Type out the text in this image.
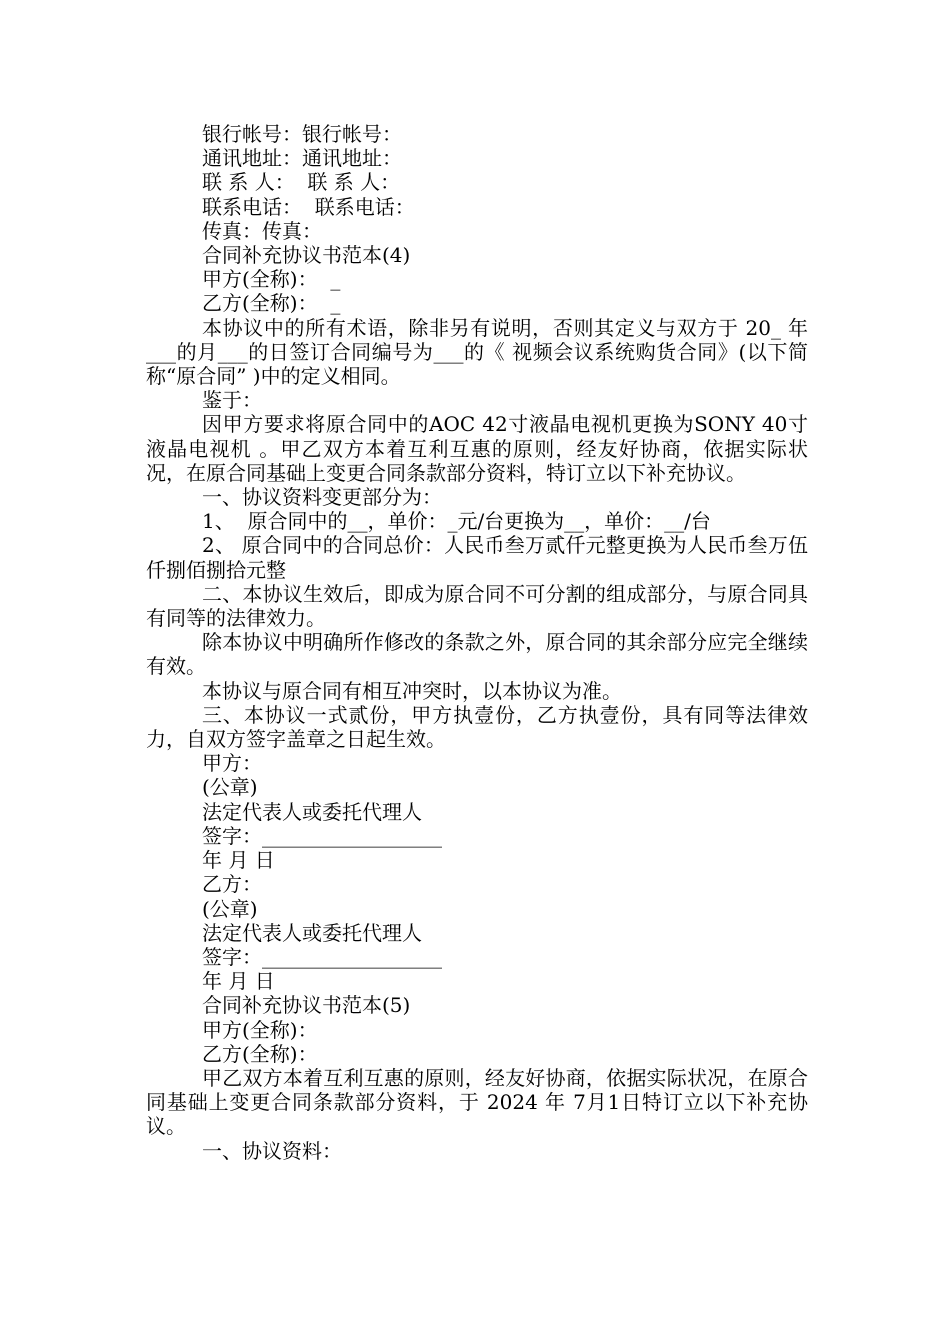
银行帐号：银行帐号：
通讯地址：通讯地址：
联 系 人：  联 系 人：
联系电话：  联系电话：
传真：传真：
合同补充协议书范本(4)
甲方(全称)：  _
乙方(全称)：  _
本协议中的所有术语，除非另有说明，否则其定义与双方于 20_ 年___的月___的日签订合同编号为___的《 视频会议系统购货合同》(以下简称“原合同” )中的定义相同。
鉴于：
因甲方要求将原合同中的AOC 42寸液晶电视机更换为SONY 40寸液晶电视机 。甲乙双方本着互利互惠的原则，经友好协商，依据实际状况，在原合同基础上变更合同条款部分资料，特订立以下补充协议。
一、协议资料变更部分为：
1、  原合同中的__，单价：_元/台更换为__，单价：__/台
2、 原合同中的合同总价：人民币叁万贰仟元整更换为人民币叁万伍仟捌佰捌拾元整
二、本协议生效后，即成为原合同不可分割的组成部分，与原合同具有同等的法律效力。
除本协议中明确所作修改的条款之外，原合同的其余部分应完全继续有效。
本协议与原合同有相互冲突时，以本协议为准。
三、本协议一式贰份，甲方执壹份，乙方执壹份，具有同等法律效力，自双方签字盖章之日起生效。
甲方：
(公章)
法定代表人或委托代理人
签字：__________________
年 月 日
乙方：
(公章)
法定代表人或委托代理人
签字：__________________
年 月 日
合同补充协议书范本(5)
甲方(全称)：
乙方(全称)：
甲乙双方本着互利互惠的原则，经友好协商，依据实际状况，在原合同基础上变更合同条款部分资料，于 2024 年 7月1日特订立以下补充协议。
一、协议资料：
